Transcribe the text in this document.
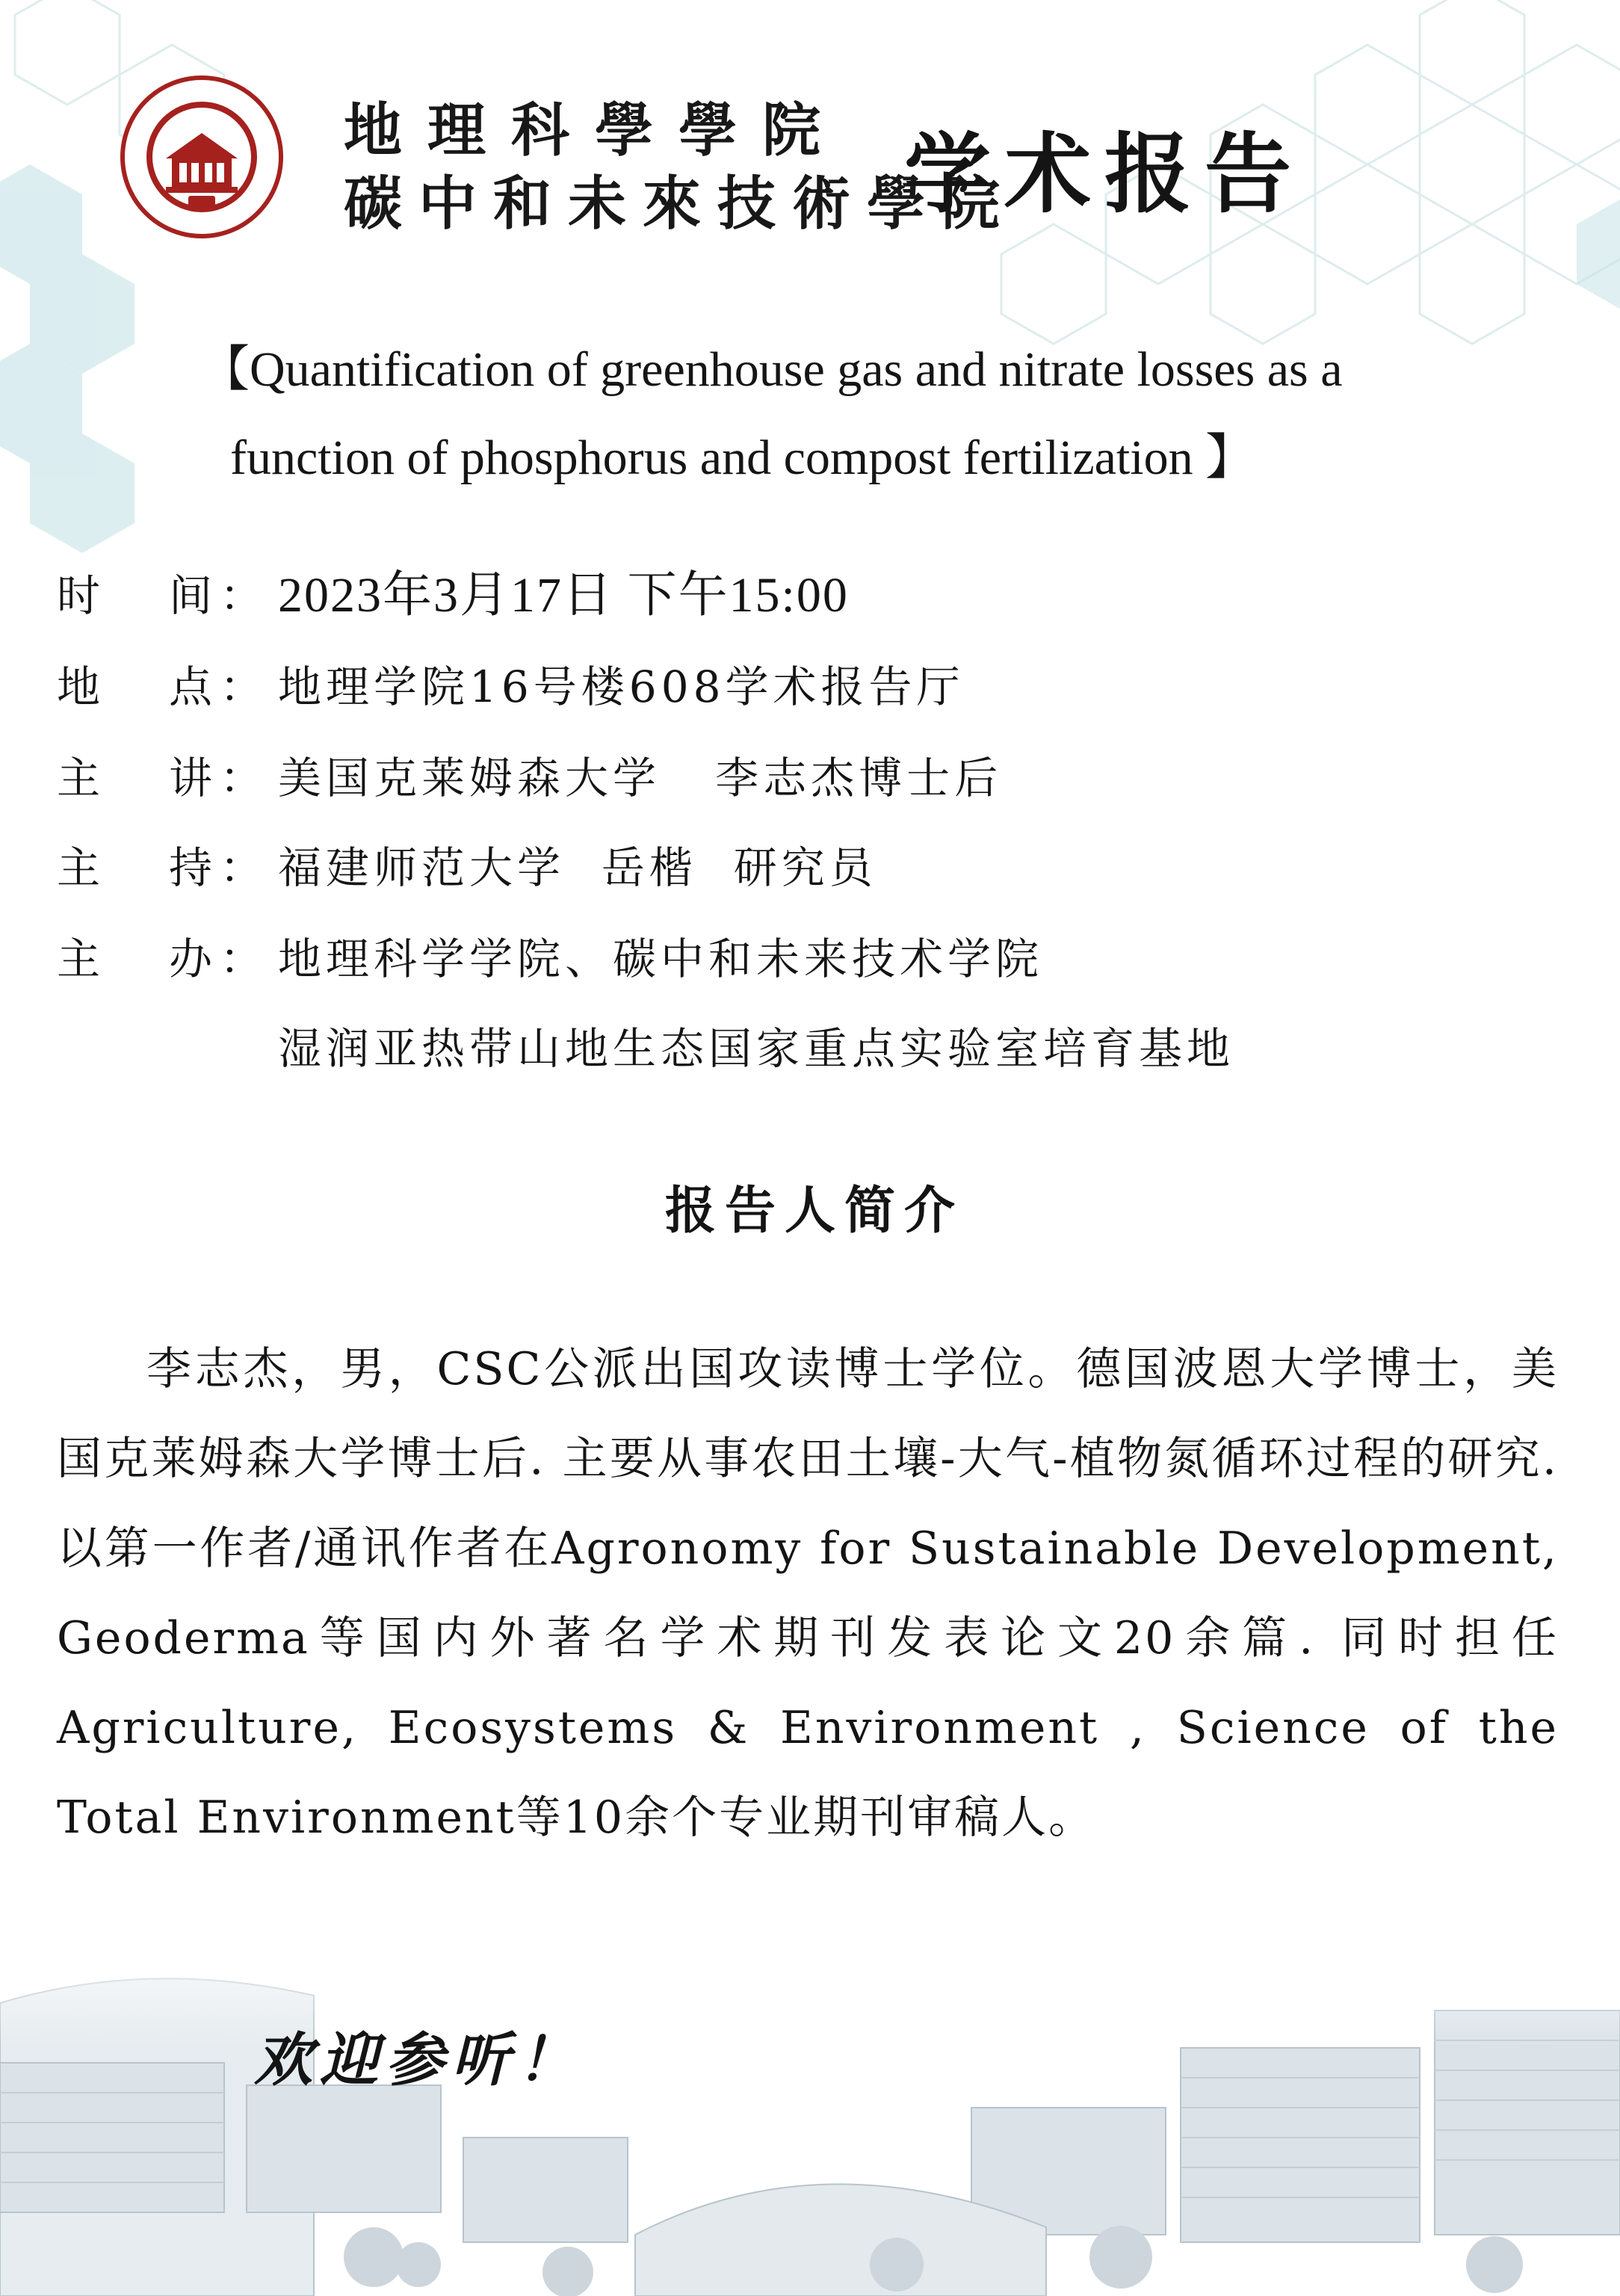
地理科學學院
碳中和未來技術學院
学术报告
【Quantification of greenhouse gas and nitrate losses as a
function of phosphorus and compost fertilization 】
时 间 ： 2023年3月17日 下午15:00
地 点 ： 地理学院16号楼608学术报告厅
主 讲 ： 美国克莱姆森大学   李志杰博士后
主 持 ： 福建师范大学  岳楷  研究员
主 办 ： 地理科学学院、碳中和未来技术学院
湿润亚热带山地生态国家重点实验室培育基地
报告人简介
李志杰，男，CSC公派出国攻读博士学位。德国波恩大学博士，美国克莱姆森大学博士后. 主要从事农田土壤-大气-植物氮循环过程的研究. 以第一作者/通讯作者在Agronomy for Sustainable Development, Geoderma等国内外著名学术期刊发表论文20余篇. 同时担任Agriculture, Ecosystems & Environment , Science of the Total Environment等10余个专业期刊审稿人。
欢迎参听！
